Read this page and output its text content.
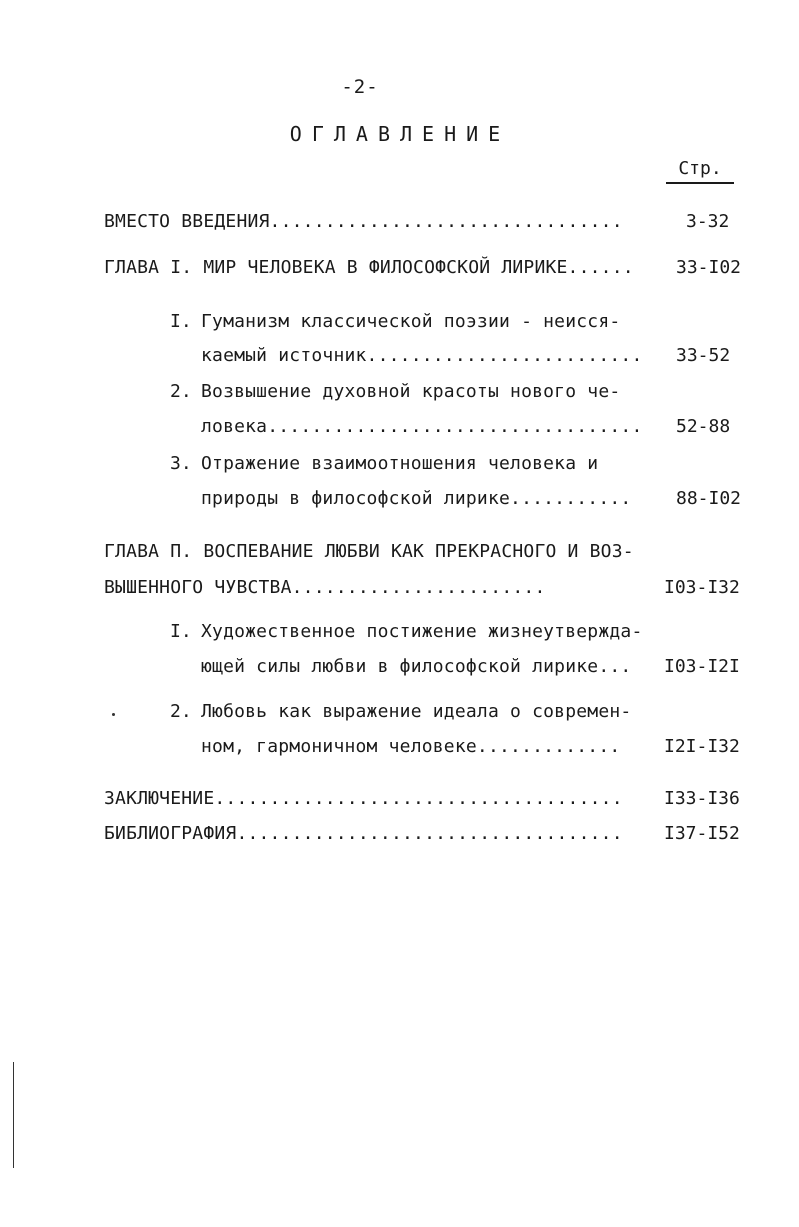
-2-
ОГЛАВЛЕНИЕ
Стр.
ВМЕСТО ВВЕДЕНИЯ................................	3-32
ГЛАВА I. МИР ЧЕЛОВЕКА В ФИЛОСОФСКОЙ ЛИРИКЕ...... 33-I02
I. Гуманизм классической поэзии - неисся-
каемый источник......................... 33-52
2. Возвышение духовной красоты нового че-
ловека.................................. 52-88
3. Отражение взаимоотношения человека и
природы в философской лирике........... 88-I02
ГЛАВА П. ВОСПЕВАНИЕ ЛЮБВИ КАК ПРЕКРАСНОГО И ВОЗ-
ВЫШЕННОГО ЧУВСТВА.......................	I03-I32
I. Художественное постижение жизнеутвержда-
ющей силы любви в философской лирике... I03-I2I
2. Любовь как выражение идеала о современ-
ном, гармоничном человеке............. I2I-I32
ЗАКЛЮЧЕНИЕ..................................... I33-I36
БИБЛИОГРАФИЯ................................... I37-I52
